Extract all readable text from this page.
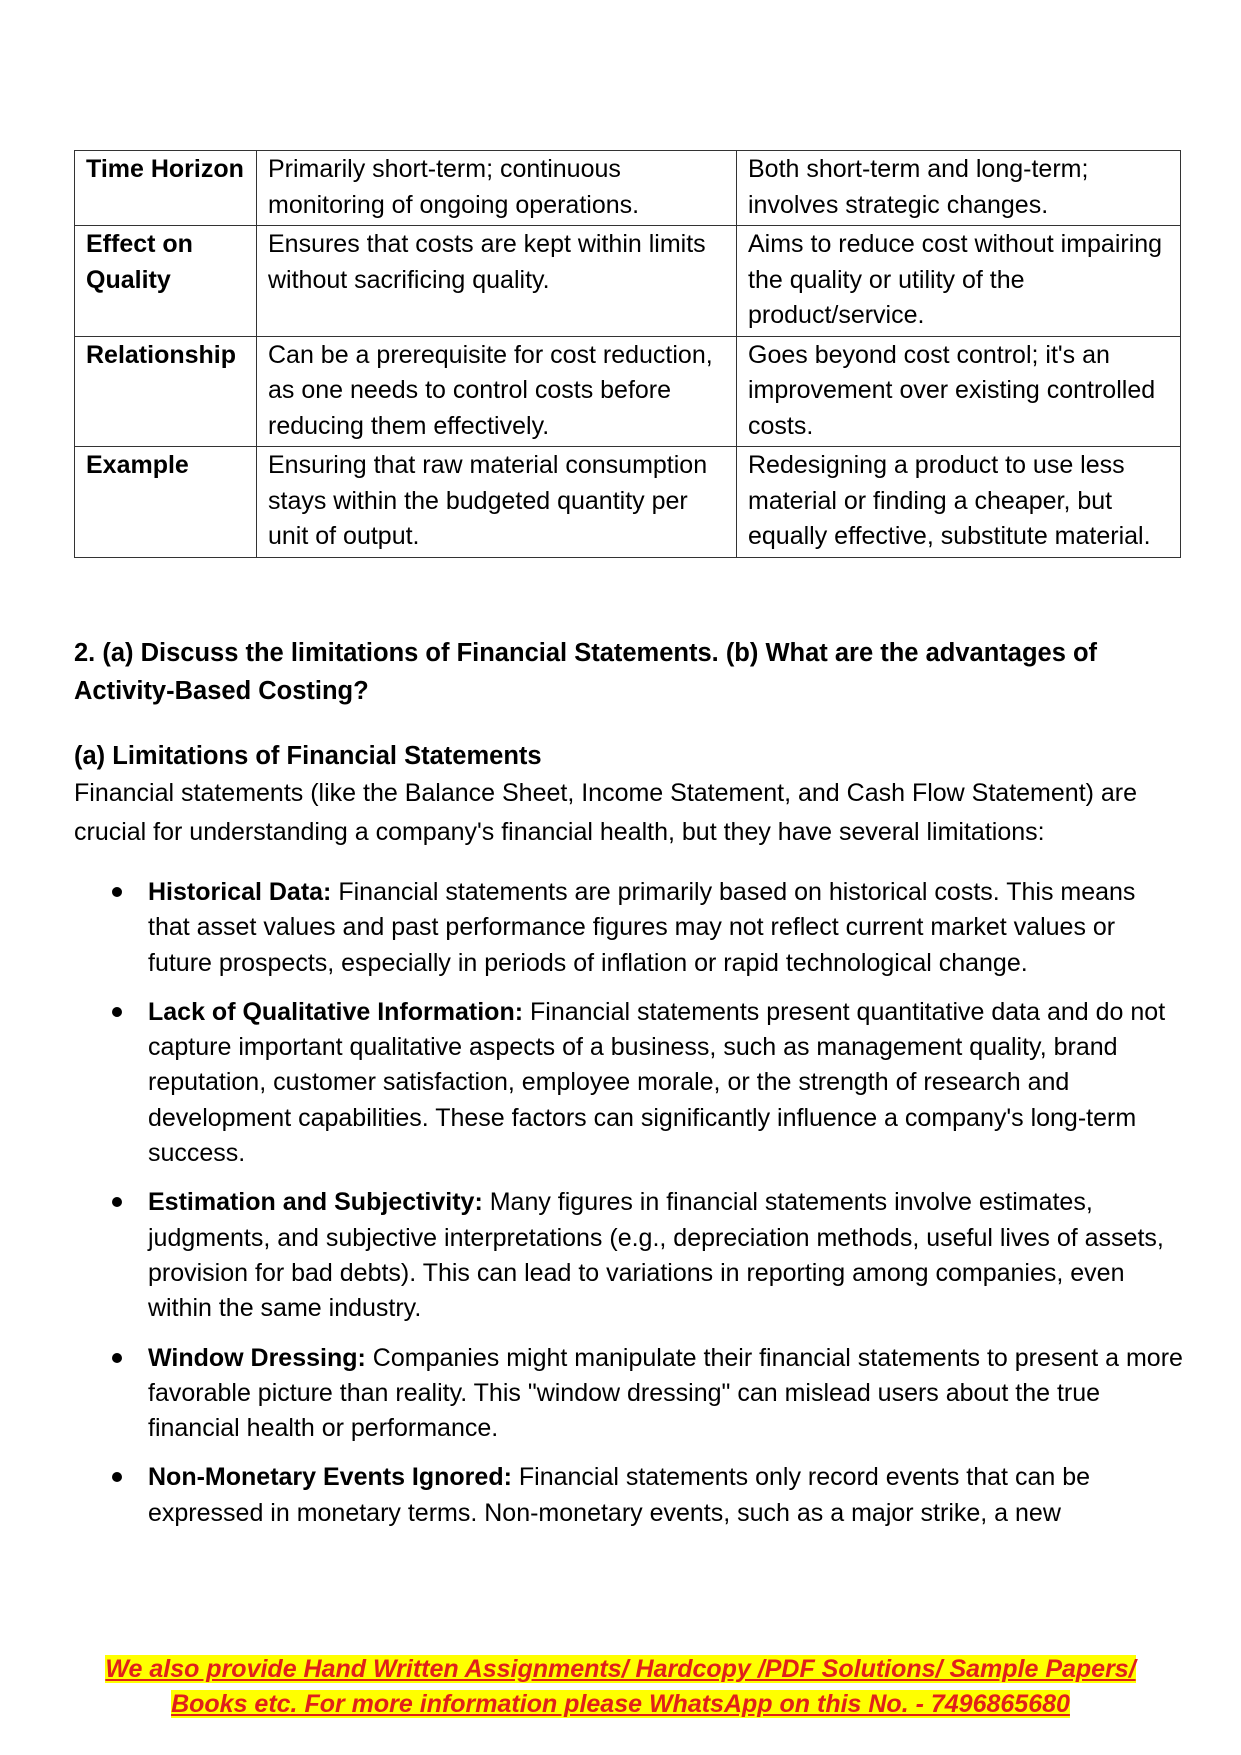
Time Horizon	Primarily short-term; continuous monitoring of ongoing operations.	Both short-term and long-term; involves strategic changes.
Effect on Quality	Ensures that costs are kept within limits without sacrificing quality.	Aims to reduce cost without impairing the quality or utility of the product/service.
Relationship	Can be a prerequisite for cost reduction, as one needs to control costs before reducing them effectively.	Goes beyond cost control; it's an improvement over existing controlled costs.
Example	Ensuring that raw material consumption stays within the budgeted quantity per unit of output.	Redesigning a product to use less material or finding a cheaper, but equally effective, substitute material.

2. (a) Discuss the limitations of Financial Statements. (b) What are the advantages of Activity-Based Costing?

(a) Limitations of Financial Statements

Financial statements (like the Balance Sheet, Income Statement, and Cash Flow Statement) are crucial for understanding a company's financial health, but they have several limitations:

Historical Data: Financial statements are primarily based on historical costs. This means that asset values and past performance figures may not reflect current market values or future prospects, especially in periods of inflation or rapid technological change.
Lack of Qualitative Information: Financial statements present quantitative data and do not capture important qualitative aspects of a business, such as management quality, brand reputation, customer satisfaction, employee morale, or the strength of research and development capabilities. These factors can significantly influence a company's long-term success.
Estimation and Subjectivity: Many figures in financial statements involve estimates, judgments, and subjective interpretations (e.g., depreciation methods, useful lives of assets, provision for bad debts). This can lead to variations in reporting among companies, even within the same industry.
Window Dressing: Companies might manipulate their financial statements to present a more favorable picture than reality. This "window dressing" can mislead users about the true financial health or performance.
Non-Monetary Events Ignored: Financial statements only record events that can be expressed in monetary terms. Non-monetary events, such as a major strike, a new
We also provide Hand Written Assignments/ Hardcopy /PDF Solutions/ Sample Papers/
Books etc. For more information please WhatsApp on this No. - 7496865680
